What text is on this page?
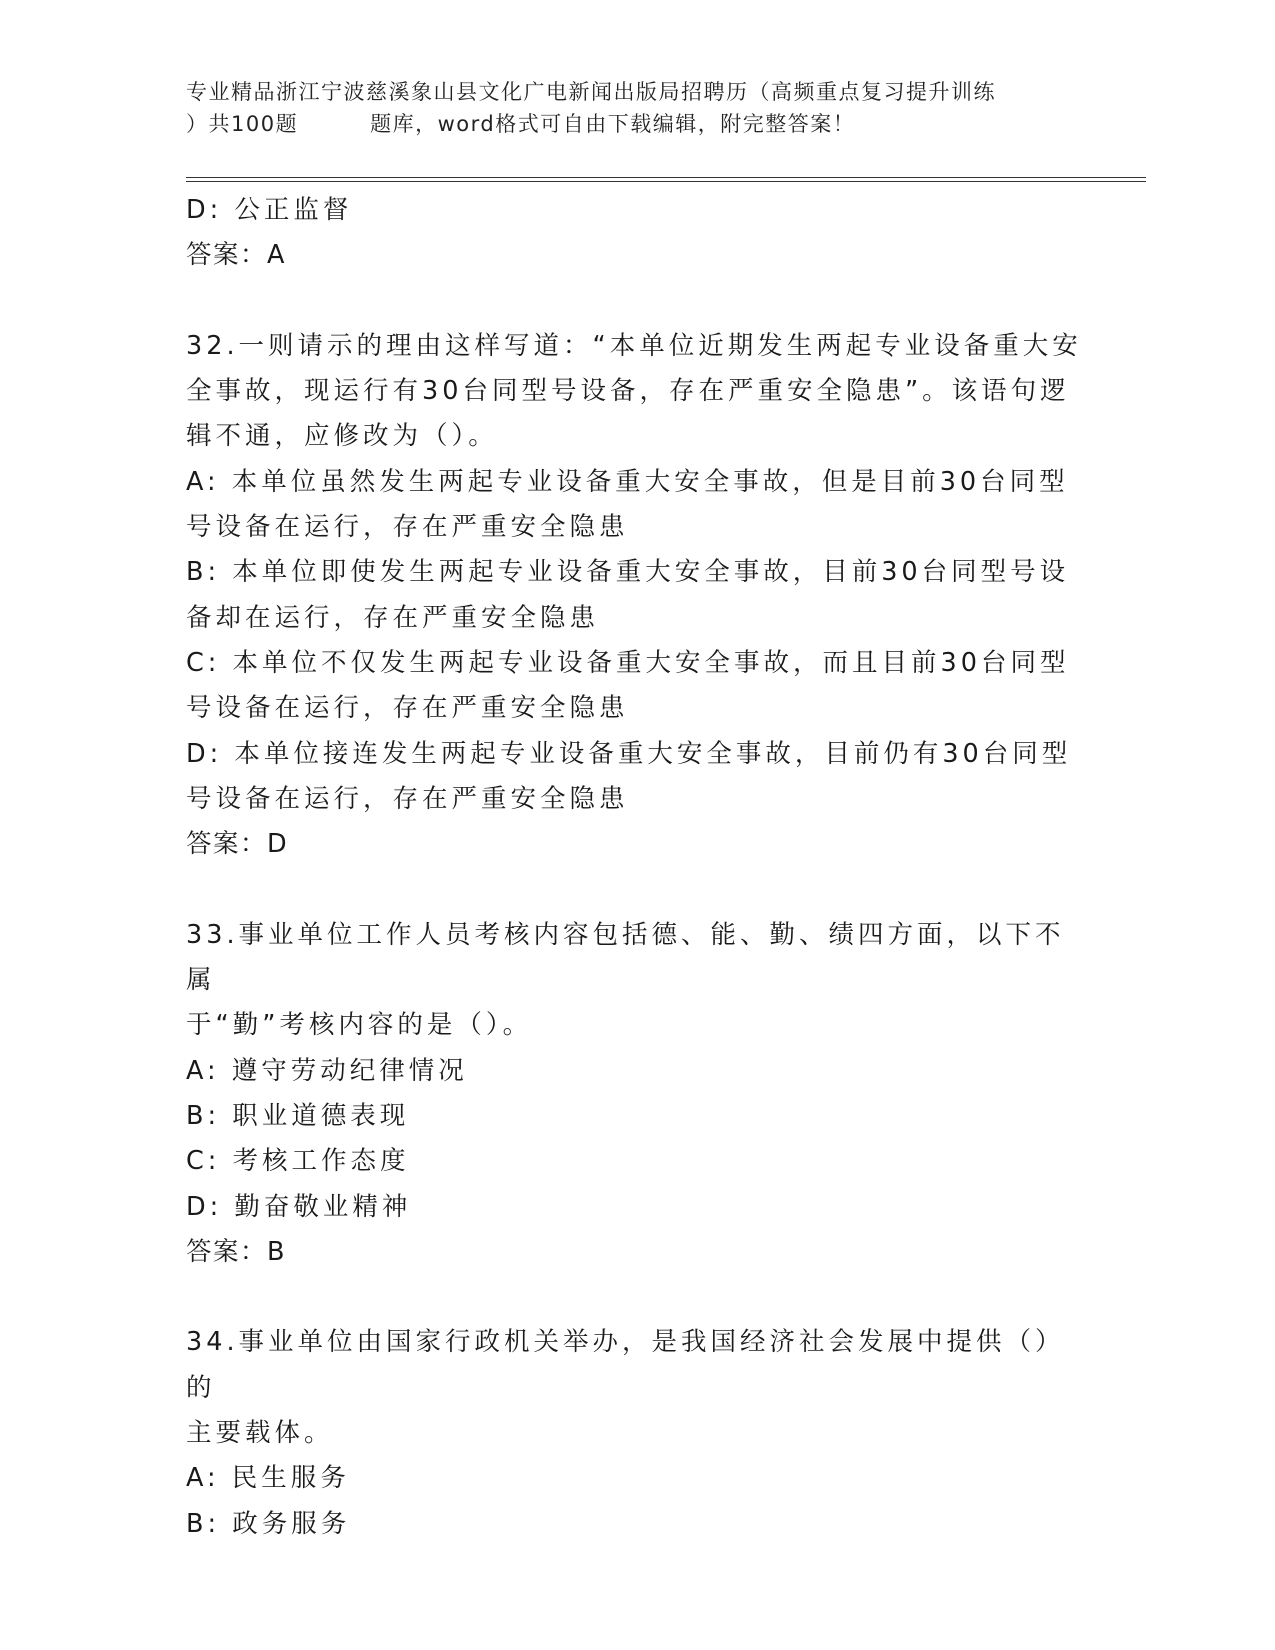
专业精品浙江宁波慈溪象山县文化广电新闻出版局招聘历（高频重点复习提升训练
）共100题	题库，word格式可自由下载编辑，附完整答案！

D: 公正监督

答案：A

32.一则请示的理由这样写道：“本单位近期发生两起专业设备重大安

全事故，现运行有30台同型号设备，存在严重安全隐患”。该语句逻

辑不通，应修改为（）。

A: 本单位虽然发生两起专业设备重大安全事故，但是目前30台同型

号设备在运行，存在严重安全隐患

B: 本单位即使发生两起专业设备重大安全事故，目前30台同型号设

备却在运行，存在严重安全隐患

C: 本单位不仅发生两起专业设备重大安全事故，而且目前30台同型

号设备在运行，存在严重安全隐患

D: 本单位接连发生两起专业设备重大安全事故，目前仍有30台同型

号设备在运行，存在严重安全隐患

答案：D

33.事业单位工作人员考核内容包括德、能、勤、绩四方面，以下不属

于“勤”考核内容的是（）。

A: 遵守劳动纪律情况

B: 职业道德表现

C: 考核工作态度

D: 勤奋敬业精神

答案：B

34.事业单位由国家行政机关举办，是我国经济社会发展中提供（）的

主要载体。

A: 民生服务

B: 政务服务
